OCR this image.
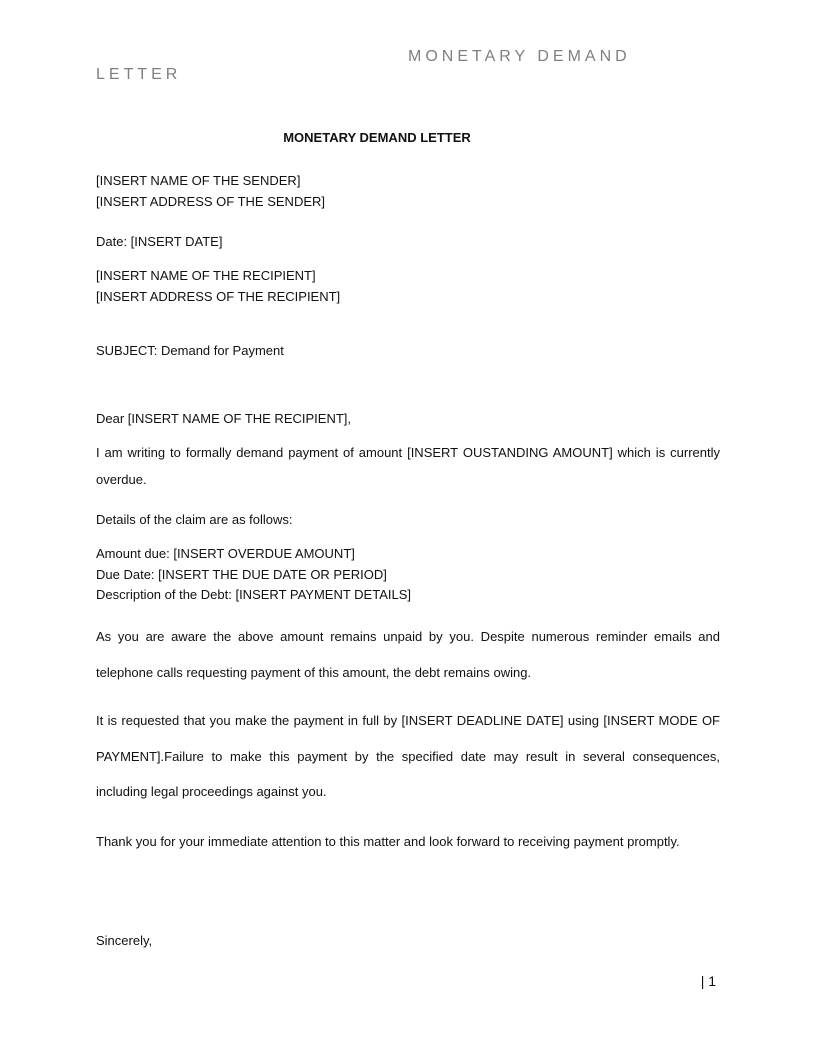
MONETARY DEMAND
LETTER
MONETARY DEMAND LETTER
[INSERT NAME OF THE SENDER]
[INSERT ADDRESS OF THE SENDER]
Date: [INSERT DATE]
[INSERT NAME OF THE RECIPIENT]
[INSERT ADDRESS OF THE RECIPIENT]
SUBJECT: Demand for Payment
Dear [INSERT NAME OF THE RECIPIENT],
I am writing to formally demand payment of amount [INSERT OUSTANDING AMOUNT] which is currently overdue.
Details of the claim are as follows:
Amount due: [INSERT OVERDUE AMOUNT]
Due Date: [INSERT THE DUE DATE OR PERIOD]
Description of the Debt: [INSERT PAYMENT DETAILS]
As you are aware the above amount remains unpaid by you. Despite numerous reminder emails and telephone calls requesting payment of this amount, the debt remains owing.
It is requested that you make the payment in full by [INSERT DEADLINE DATE] using [INSERT MODE OF PAYMENT].Failure to make this payment by the specified date may result in several consequences, including legal proceedings against you.
Thank you for your immediate attention to this matter and look forward to receiving payment promptly.
Sincerely,
| 1
